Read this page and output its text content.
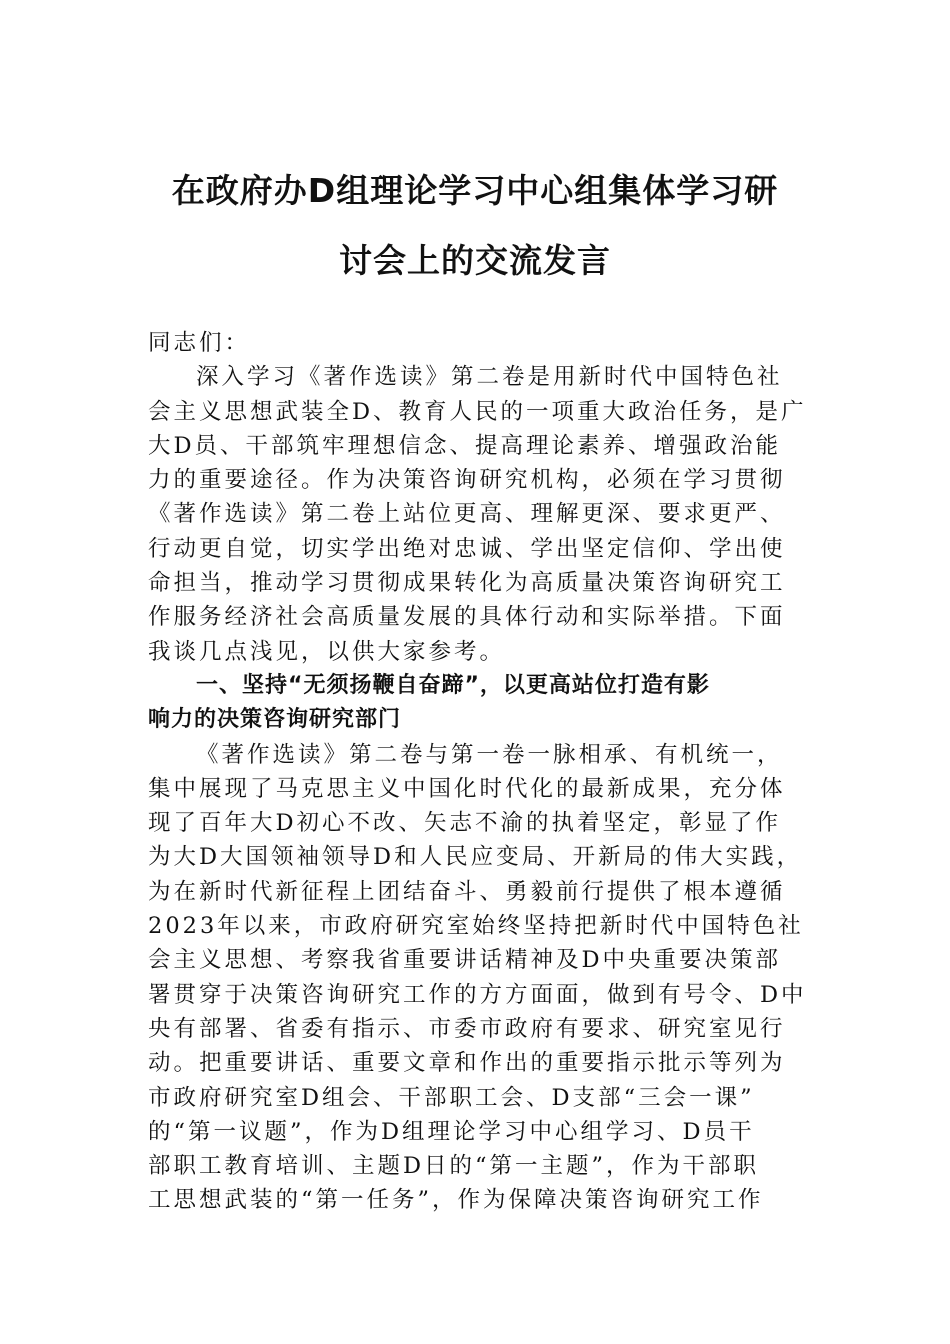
在政府办D组理论学习中心组集体学习研
讨会上的交流发言
同志们：
深入学习《著作选读》第二卷是用新时代中国特色社
会主义思想武装全D、教育人民的一项重大政治任务，是广
大D员、干部筑牢理想信念、提高理论素养、增强政治能
力的重要途径。作为决策咨询研究机构，必须在学习贯彻
《著作选读》第二卷上站位更高、理解更深、要求更严、
行动更自觉，切实学出绝对忠诚、学出坚定信仰、学出使
命担当，推动学习贯彻成果转化为高质量决策咨询研究工
作服务经济社会高质量发展的具体行动和实际举措。下面
我谈几点浅见，以供大家参考。
一、坚持“无须扬鞭自奋蹄”，以更高站位打造有影
响力的决策咨询研究部门
《著作选读》第二卷与第一卷一脉相承、有机统一，
集中展现了马克思主义中国化时代化的最新成果，充分体
现了百年大D初心不改、矢志不渝的执着坚定，彰显了作
为大D大国领袖领导D和人民应变局、开新局的伟大实践，
为在新时代新征程上团结奋斗、勇毅前行提供了根本遵循
2023年以来，市政府研究室始终坚持把新时代中国特色社
会主义思想、考察我省重要讲话精神及D中央重要决策部
署贯穿于决策咨询研究工作的方方面面，做到有号令、D中
央有部署、省委有指示、市委市政府有要求、研究室见行
动。把重要讲话、重要文章和作出的重要指示批示等列为
市政府研究室D组会、干部职工会、D支部“三会一课”
的“第一议题”，作为D组理论学习中心组学习、D员干
部职工教育培训、主题D日的“第一主题”，作为干部职
工思想武装的“第一任务”，作为保障决策咨询研究工作
